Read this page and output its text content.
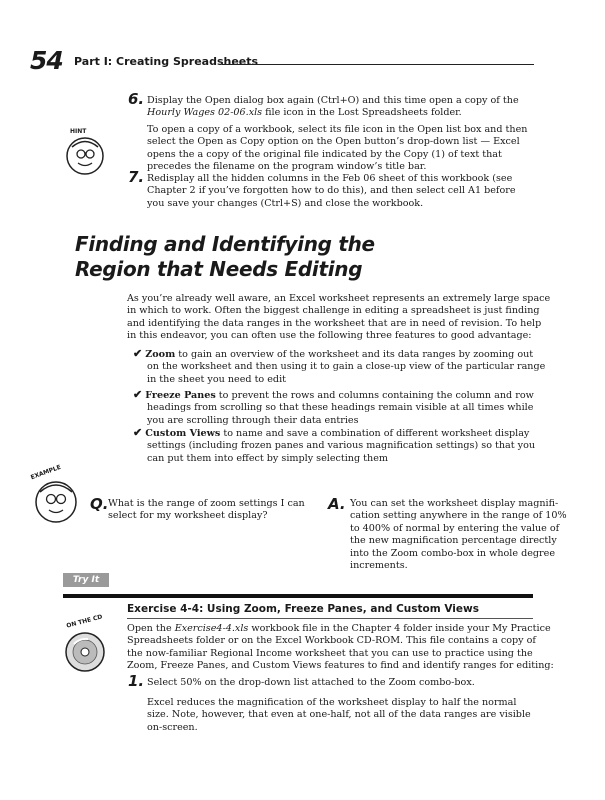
54 Part I: Creating Spreadsheets
6. Display the Open dialog box again (Ctrl+O) and this time open a copy of the
Hourly Wages 02-06.xls file icon in the Lost Spreadsheets folder.
HINT	To open a copy of a workbook, select its file icon in the Open list box and then
select the Open as Copy option on the Open button’s drop-down list — Excel
opens the a copy of the original file indicated by the Copy (1) of text that
precedes the filename on the program window’s title bar.
7. Redisplay all the hidden columns in the Feb 06 sheet of this workbook (see
Chapter 2 if you’ve forgotten how to do this), and then select cell A1 before
you save your changes (Ctrl+S) and close the workbook.
Finding and Identifying the
Region that Needs Editing
As you’re already well aware, an Excel worksheet represents an extremely large space
in which to work. Often the biggest challenge in editing a spreadsheet is just finding
and identifying the data ranges in the worksheet that are in need of revision. To help
in this endeavor, you can often use the following three features to good advantage:
✔ Zoom to gain an overview of the worksheet and its data ranges by zooming out
on the worksheet and then using it to gain a close-up view of the particular range
in the sheet you need to edit
✔ Freeze Panes to prevent the rows and columns containing the column and row
headings from scrolling so that these headings remain visible at all times while
you are scrolling through their data entries
✔ Custom Views to name and save a combination of different worksheet display
settings (including frozen panes and various magnification settings) so that you
can put them into effect by simply selecting them
EXAMPLE
Q. What is the range of zoom settings I can
select for my worksheet display?
A. You can set the worksheet display magnifi-
cation setting anywhere in the range of 10%
to 400% of normal by entering the value of
the new magnification percentage directly
into the Zoom combo-box in whole degree
increments.
Try It
Exercise 4-4: Using Zoom, Freeze Panes, and Custom Views
ON THE CD Open the Exercise4-4.xls workbook file in the Chapter 4 folder inside your My Practice
Spreadsheets folder or on the Excel Workbook CD-ROM. This file contains a copy of
the now-familiar Regional Income worksheet that you can use to practice using the
Zoom, Freeze Panes, and Custom Views features to find and identify ranges for editing:
1. Select 50% on the drop-down list attached to the Zoom combo-box.
Excel reduces the magnification of the worksheet display to half the normal
size. Note, however, that even at one-half, not all of the data ranges are visible
on-screen.
